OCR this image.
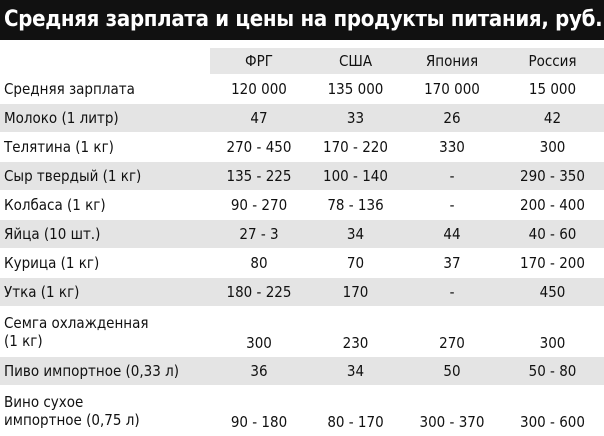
Средняя зарплата и цены на продукты питания, руб.
	ФРГ	США	Япония	Россия

Средняя зарплата	120 000	135 000	170 000	15 000

Молоко (1 литр)	47	33	26	42

Телятина (1 кг)	270 - 450	170 - 220	330	300

Сыр твердый (1 кг)	135 - 225	100 - 140	-	290 - 350

Колбаса (1 кг)	90 - 270	78 - 136	-	200 - 400

Яйца (10 шт.)	27 - 3	34	44	40 - 60

Курица (1 кг)	80	70	37	170 - 200

Утка (1 кг)	180 - 225	170	-	450

Семга охлажденная
(1 кг)	300	230	270	300

Пиво импортное (0,33 л)	36	34	50	50 - 80

Вино сухое
импортное (0,75 л)	90 - 180	80 - 170	300 - 370	300 - 600
